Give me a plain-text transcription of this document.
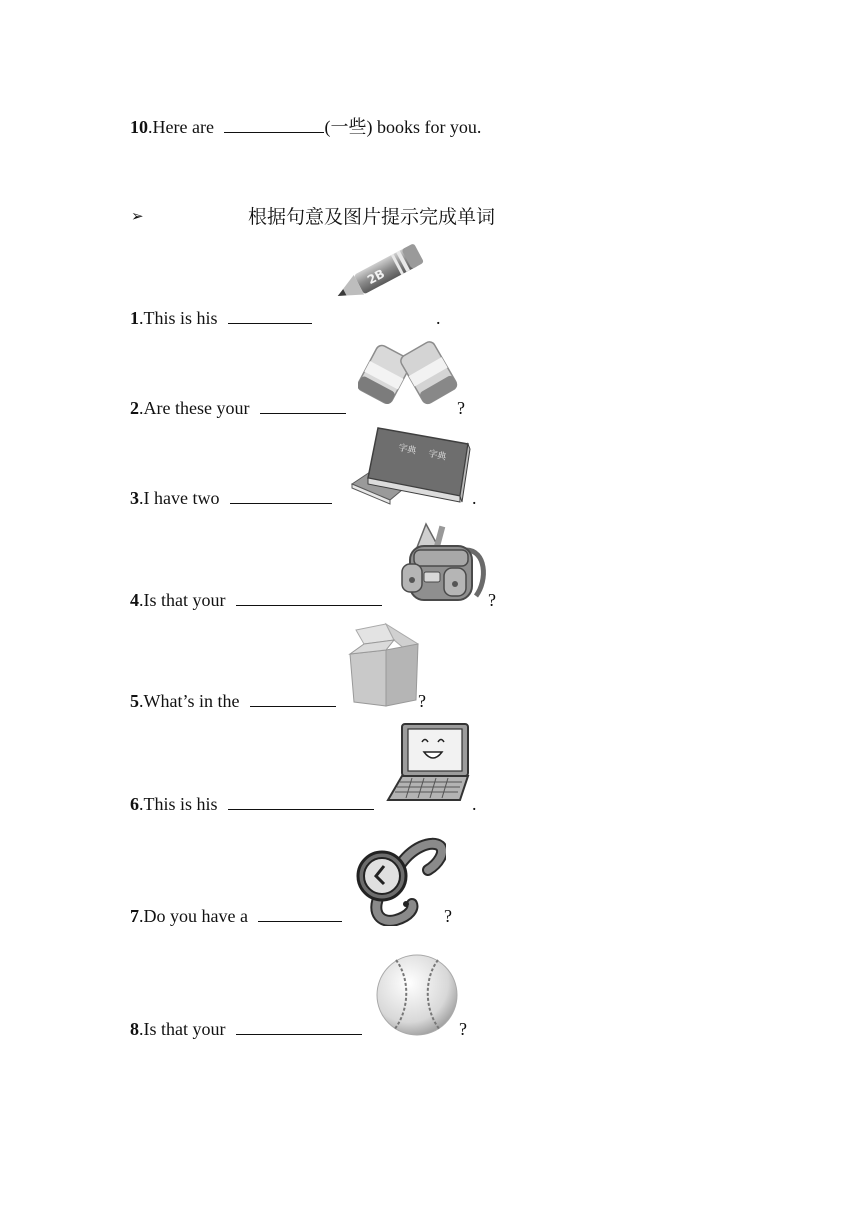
10.Here are	(一些) books for you.
➢	根据句意及图片提示完成单词
1.This is his
2B
.
2.Are these your	?
3.I have two
字典 字典
.
4.Is that your	?
5.What’s in the	?
6.This is his	.
7.Do you have a	?
8.Is that your	?
